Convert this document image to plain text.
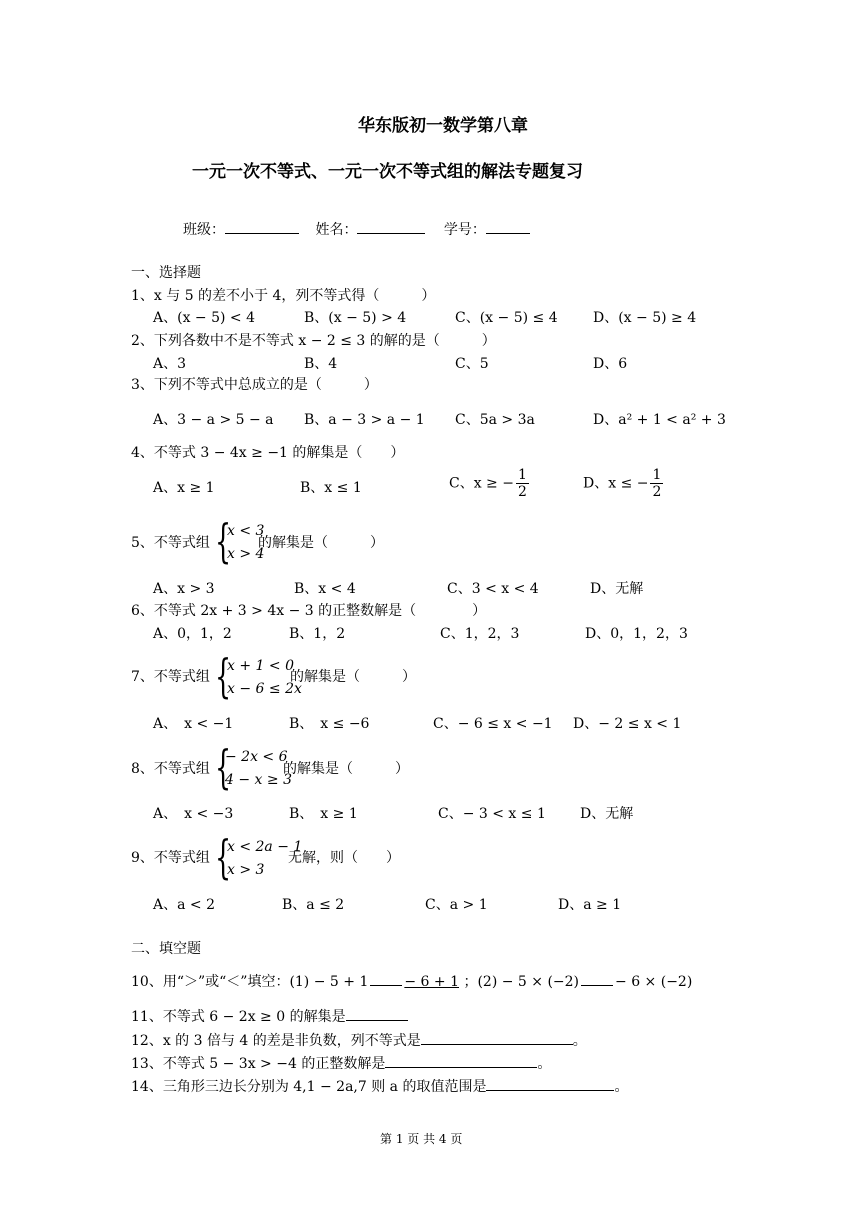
华东版初一数学第八章
一元一次不等式、一元一次不等式组的解法专题复习
班级：	姓名：	学号：
一、选择题
1、x 与 5 的差不小于 4，列不等式得（　　　）
A、(x − 5) < 4	B、(x − 5) > 4	C、(x − 5) ≤ 4	D、(x − 5) ≥ 4
2、下列各数中不是不等式 x − 2 ≤ 3 的解的是（　　　）
A、3	B、4	C、5	D、6
3、下列不等式中总成立的是（　　　）
A、3 − a > 5 − a B、a − 3 > a − 1 C、5a > 3a	D、a² + 1 < a² + 3
4、不等式 3 − 4x ≥ −1 的解集是（　　）
A、x ≥ 1	B、x ≤ 1	C、x ≥ − $\frac{1}{2}$	D、x ≤ − $\frac{1}{2}$
5、不等式组 {
x < 3
x > 4
的解集是（　　　）
A、x > 3	B、x < 4	C、3 < x < 4	D、无解
6、不等式 2x + 3 > 4x − 3 的正整数解是（　　　　）
A、0，1，2	B、1，2	C、1，2，3	D、0，1，2，3
7、不等式组 {
x + 1 < 0
x − 6 ≤ 2x
的解集是（　　　）
A、　x < −1	B、　x ≤ −6	C、− 6 ≤ x < −1 D、− 2 ≤ x < 1
8、不等式组 {
− 2x < 6
4 − x ≥ 3
的解集是（　　　）
A、　x < −3	B、　x ≥ 1	C、− 3 < x ≤ 1 D、无解
9、不等式组 {
x < 2a − 1
x > 3
无解，则（　　）
A、a < 2	B、a ≤ 2	C、a > 1	D、a ≥ 1
二、填空题
10、用“＞”或“＜”填空：(1) − 5 + 1	− 6 + 1 ；(2) − 5 × (−2)	− 6 × (−2)
11、不等式 6 − 2x ≥ 0 的解集是
12、x 的 3 倍与 4 的差是非负数，列不等式是	。
13、不等式 5 − 3x > −4 的正整数解是	。
14、三角形三边长分别为 4,1 − 2a,7 则 a 的取值范围是	。
第 1 页 共 4 页
